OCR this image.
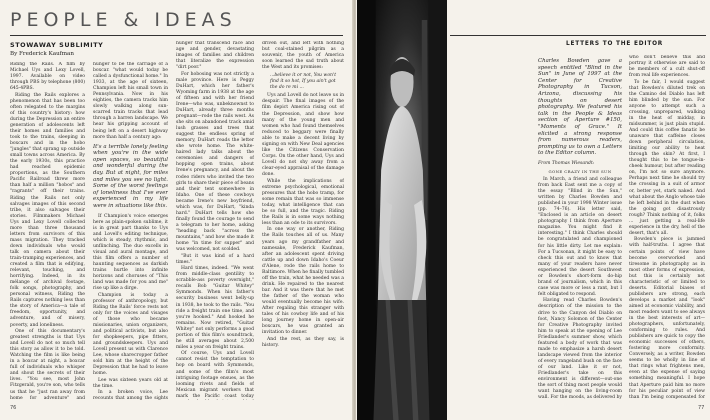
PEOPLE & IDEAS
STOWAWAY SUBLIMITY
By Frederick Kaufman

Riding the Rails. A film by Michael Uys and Lexy Lovell, 1997. Available on video through PBS by telephone (800) 645-4PBS.

Riding the Rails explores a phenomenon that has been too often relegated to the margins of this country's history: how during the Depression an entire generation of adolescents left their homes and families and took to the trains, sleeping in boxcars and in the hobo "jungles" that sprang up outside small towns across America. By the early 1930s, this practice had reached epidemic proportions, as the Southern Pacific Railroad threw more than half a million "hobos" and "ragrants" off their trains. Riding the Rails not only salvages images of this second tribe, it also salvages their stories. Filmmakers Michael Uys and Lexy Lovell collected more than three thousand letters from survivors of this mass migration. They tracked down individuals who would talk on camera about their train-tramping experiences, and created a film that is edifying, relevant, touching, and horrifying. Indeed, in its mélange of archival footage, folk songs, photography, and personal witness, Riding the Rails captures nothing less than the story of America—a tale of freedom, opportunity, and adventure, and of misery, poverty, and loneliness.

One of this documentary's greatest strengths is that Uys and Lovell do not so much tell this story as allow it to be told. Watching the film is like being in a boxcar at night, a boxcar full of individuals who whisper and shout the secrets of their lives. "You see, most John Fitzgerald, you're son, who tells us that he "just ran away from home for adventure" and

hunger to be the carriage of a boxcar. "what would today be called a dysfunctional home." In 1933, at the age of sixteen, Champion left his small town in Pennsylvania. Now in his eighties, the camera tracks him slowly walking along sun-scarred train tracks that lead through a barren landscape. We hear his gripping account of being left on a desert highway more than half a century ago:

It's a terrible lonely feeling when you're in the wide open spaces, so beautiful and wonderful during the day. But at night, for miles and miles you see no light. Some of the worst feelings of loneliness that I've ever experienced in my life were in situations like this.

If Champion's voice emerges here as plain-spoken sublime, it is in great part thanks to Uys and Lovell's editing technique, which is steady, rhythmic, and unflinching. The duo excells in visual and aural montage, and this film offers a number of haunting sequences as darkish trains hurtle into infinite horizons and choruses of "This land was made for you and me" rise up like a dirge.

Champion is today a professor of anthropology, but Riding the Rails' force rests not only for the voices and visages of those who became missionaries, union organizers, and political activists, but also for shopkeepers, pipe fitters, and groundskeepers. Uys and Lovell present us with Clarence Lee, whose sharecropper father sold him at the height of the Depression that he had to leave home.

Lee was sixteen years old at the time.

In a broken voice, Lee recounts that among the sights

hunger that transcend race and age and gender, devastating images of families and children that literalize the expression "dirt poor."

For hobosing was not strictly a male province. Here is Peggy DuHart, which her father's Wyoming farm in 1938 at the age of fifteen and with her friend Irene—who was, unbeknownst to DuHart, already three months pregnant—rode the rails west. As she sits on abandoned track amid lush grasses and trees that suggest the endless spring of memory, DuHart reads the letter she wrote home. The white-haired lady talks about the ceremonies and dangers of hopping open trains, about Irene's pregnancy, and about the rodeo riders who invited the two girls to share their piece of beans and their tent somewhere in Idaho. One of these cowboys became Irene's new boyfriend, which was, for DuHart, "kinda hard." DuHart tells how she finally found the courage to send a telegram to her home, asking "heading back "across the mountains," and how she made it home "in time for supper" and was welcomed, not scolded.

"But it was kind of a hard times."

Hard times, indeed. "We went from middle-class gentility to scrabble-ass poverty overnight," recalls Bob "Guitar Whitey" Symmonds. When his father's security business went belly-up in 1938, he took to the rails. "You ride a freight train one time, and you're hooked." And hooked he remains. Now retired, "Guitar Whitey" not only performs a good portion of this film's soundtrack, he still averages about 2,500 miles a year on freight trains.

Of course, Uys and Lovell cannot resist the temptation to hop on board with Symmonds, and some of the film's most intriguing footage ensues, as the looming rivets and fields of Mexican migrant workers that mark the Pacific coast today

driven out, and left with nothing but coal-stained pilgrim as a souvenir, the youth of America soon learned the sad truth about the West and its promises:

...believe it or not, You won't find it so hot, If you ain't got the do re mi ...

Uys and Lovell do not leave us in despair. The final images of the film depict America rising out of the Depression, and show how many of the young men and women who had found themselves reduced to beggary were finally able to make a decent living by signing on with New Deal agencies like the Citizens Conservation Corps. On the other hand, Uys and Lovell do not shy away from a clear-eyed appraisal of the damage done.

While the implications of extreme psychological, emotional pressures that the hobo tramp, for some remain that was so immense today, what intelligence that can be so full, and the tragic. Riding the Rails is in some ways nothing less than an ode to its survivors.

In one way or another, Riding the Rails touches all of us. Many years ago my grandfather and namesake, Frederick Kaufman, after an adolescent spent driving cattle up and down Idaho's Coeur d'Alene, rode the rails home to Baltimore. When he finally tumbled off the train, what he needed was a drink. He repaired to the nearest bar. And it was there that he met the father of the woman who would eventually become his wife. After regaling this stranger with tales of his cowboy life and of his long journey home in open-air boxcars, he was granted an invitation to dinner.

And the rest, as they say, is history.

76
LETTERS TO THE EDITOR

Charles Bowden gave a speech entitled "Blind in the Sun" in June of 1997 at the Center for Creative Photography in Tucson, Arizona, discussing his thoughts on desert photography. We featured his talk in the People & Ideas section of Aperture #150, "Moments of Grace." It elicited a strong response from numerous readers, prompting us to own a Letters to the Editor column.

From Thomas Wiesandt:

GONE CRAZY IN THE SUN

In March, a friend and colleague from back East sent me a copy of the essay "Blind in the Sun," written by Charles Bowden and published in your 1998 Winter issue (pp. 74–76). His letter said, "Enclosed is an article on desert photography I think from Aperture magazine. You might find it interesting." I think Charles should be congratulated and championed for his little dirty. Let me explain: For a Tucsonan, it might be easy to check this out and to know that many of your readers have never experienced the desert Southwest or Bowden's short-form do-hip brand of journalism, which in this case was more or less a rant, but I felt obligated to respond.

Having read Charles Bowden's description of the mission to the drive to the Canyon del Diablo on foot, Nancy Solomon of the Center for Creative Photography invited him to speak at the opening of Lee Friedlander's summer show, which featured a body of work that was made to emphasize a harsh desert landscape viewed from the interior of every rangeland bush on the face of our land. Like it or not, Friedlander's take on this environment is different—out-one the sort of thing most people would want hanging on the living-room wall. For the moods, as delivered by

77

who don't believe this and portray it otherwise are said to be members of a cult shut-off from real life experiences.

To be fair, I would suggest that Bowden's diluted trek on the Camino del Diablo has left him blinded by the sun. For anyone to attempt such a crossing, unprepared, walking in the heat of midday, in midsummer, is just plain stupid. And could this coffee fanatic be unaware that caffeine closes down peripheral circulation, limiting our ability to heat through the skin? At first, I thought this to be tongue-in-cheek humour, but after reading on, I'm not so sure anymore. Perhaps next time he should try the crossing in a suit of armor or, better yet, stark naked. And what about the Anglo whose tale he left behind in the dust when the going got disastrously rough? Think nothing of it, folks ... just getting a real-life experience in the dry, hell of the desert, that's all.

Bowden's piece is jammed with half-truths. I agree that certain points of view have become overworked and tiresome in photography as in most other forms of expression, but this is certainly not characteristic of or limited to deserts. Editorial biases of publishers are strong, each develops a market and "look" aimed at economic viability, and most readers want to see always in the best interests of art—photographers, unfortunately, conforming to rules. And publishers are quick to copy the economic successes of others, fostering more conformity. Conversely, as a writer, Bowden seems to be wholly in line of that rings what frightens men, even at the expense of saying something meaningful. I hope that Aperture paid him no more for his peculiar point of view than I'm being compensated for
